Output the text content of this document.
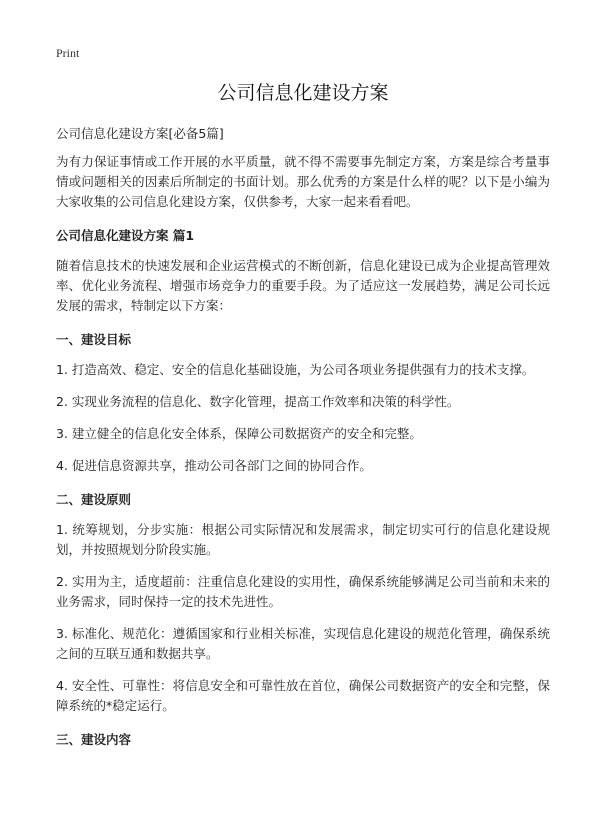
Print
公司信息化建设方案
公司信息化建设方案[必备5篇]

为有力保证事情或工作开展的水平质量，就不得不需要事先制定方案，方案是综合考量事情或问题相关的因素后所制定的书面计划。那么优秀的方案是什么样的呢？以下是小编为大家收集的公司信息化建设方案，仅供参考，大家一起来看看吧。

公司信息化建设方案 篇1

随着信息技术的快速发展和企业运营模式的不断创新，信息化建设已成为企业提高管理效率、优化业务流程、增强市场竞争力的重要手段。为了适应这一发展趋势，满足公司长远发展的需求，特制定以下方案：

一、建设目标
1. 打造高效、稳定、安全的信息化基础设施，为公司各项业务提供强有力的技术支撑。
2. 实现业务流程的信息化、数字化管理，提高工作效率和决策的科学性。
3. 建立健全的信息化安全体系，保障公司数据资产的安全和完整。
4. 促进信息资源共享，推动公司各部门之间的协同合作。
二、建设原则
1. 统筹规划，分步实施：根据公司实际情况和发展需求，制定切实可行的信息化建设规划，并按照规划分阶段实施。
2. 实用为主，适度超前：注重信息化建设的实用性，确保系统能够满足公司当前和未来的业务需求，同时保持一定的技术先进性。
3. 标准化、规范化：遵循国家和行业相关标准，实现信息化建设的规范化管理，确保系统之间的互联互通和数据共享。
4. 安全性、可靠性：将信息安全和可靠性放在首位，确保公司数据资产的安全和完整，保障系统的*稳定运行。
三、建设内容
